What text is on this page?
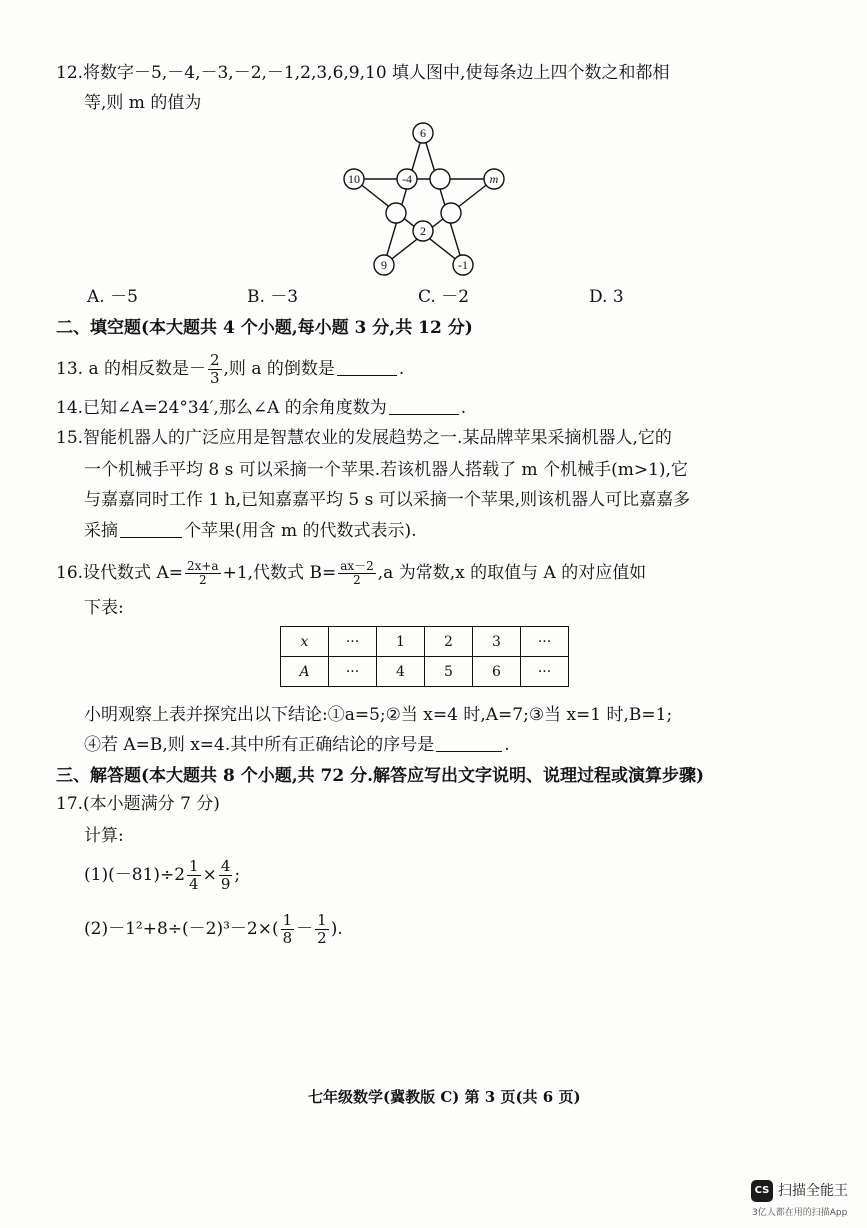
12.将数字－5,－4,－3,－2,－1,2,3,6,9,10 填人图中,使每条边上四个数之和都相
等,则 m 的值为
6
10	-4	m
2
9	-1
A. －5	B. －3	C. －2	D. 3
二、填空题(本大题共 4 个小题,每小题 3 分,共 12 分)
13. a 的相反数是－ $\frac{2}{3}$ ,则 a 的倒数是	.
14.已知∠A=24°34′,那么∠A 的余角度数为	.
15.智能机器人的广泛应用是智慧农业的发展趋势之一.某品牌苹果采摘机器人,它的
一个机械手平均 8 s 可以采摘一个苹果.若该机器人搭载了 m 个机械手(m>1),它
与嘉嘉同时工作 1 h,已知嘉嘉平均 5 s 可以采摘一个苹果,则该机器人可比嘉嘉多
采摘	个苹果(用含 m 的代数式表示).
16.设代数式 $A= \frac{2x+a}{2} +1$,代数式 $B= \frac{ax-2}{2} ,a$ 为常数,x 的取值与 A 的对应值如
下表:
x	···	1	2	3	···
A	···	4	5	6	···
小明观察上表并探究出以下结论:①a=5;②当 x=4 时,A=7;③当 x=1 时,B=1;
④若 A=B,则 x=4.其中所有正确结论的序号是	.
三、解答题(本大题共 8 个小题,共 72 分.解答应写出文字说明、说理过程或演算步骤)
17.(本小题满分 7 分)
计算:
$(1)(-81)\div 2 \frac{1}{4} \times \frac{4}{9}$ ;
$(2)-1^2+8\div(-2)^3-2\times( \frac{1}{8} - \frac{1}{2}$ ).
七年级数学(冀教版 C) 第 3 页(共 6 页)
CS 扫描全能王
3亿人都在用的扫描App
